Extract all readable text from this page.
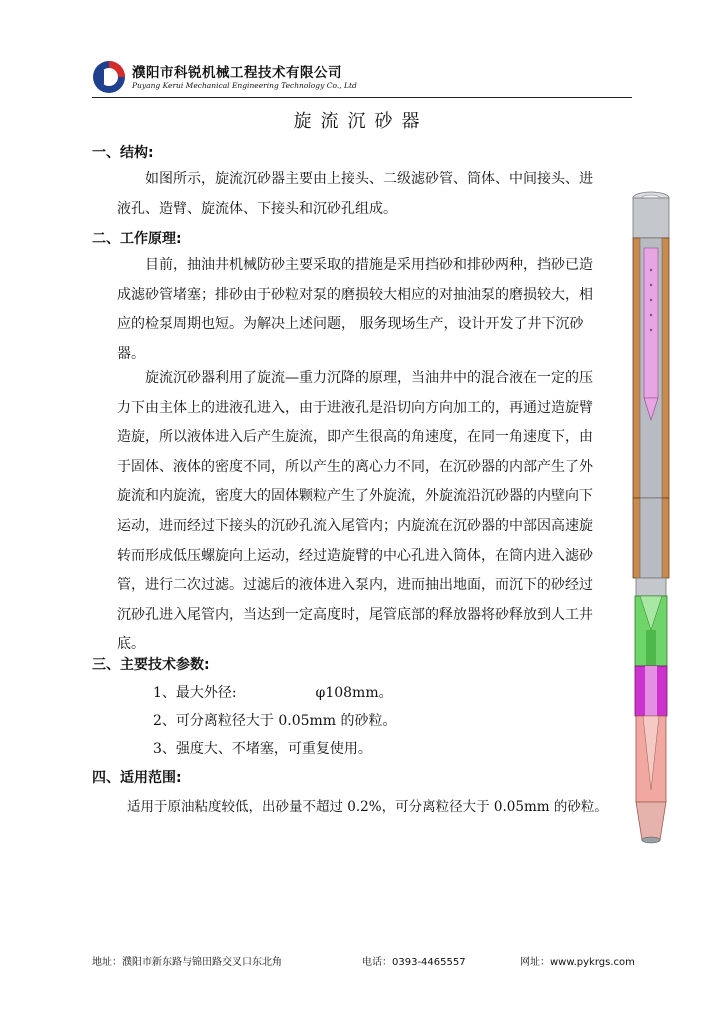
濮阳市科锐机械工程技术有限公司
Puyang Kerui Mechanical Engineering Technology Co., Ltd
旋流沉砂器
一、结构:
如图所示，旋流沉砂器主要由上接头、二级滤砂管、筒体、中间接头、进
液孔、造臂、旋流体、下接头和沉砂孔组成。
二、工作原理:
目前，抽油井机械防砂主要采取的措施是采用挡砂和排砂两种，挡砂已造
成滤砂管堵塞；排砂由于砂粒对泵的磨损较大相应的对抽油泵的磨损较大，相
应的检泵周期也短。为解决上述问题， 服务现场生产，设计开发了井下沉砂
器。
旋流沉砂器利用了旋流—重力沉降的原理，当油井中的混合液在一定的压
力下由主体上的进液孔进入，由于进液孔是沿切向方向加工的，再通过造旋臂
造旋，所以液体进入后产生旋流，即产生很高的角速度，在同一角速度下，由
于固体、液体的密度不同，所以产生的离心力不同，在沉砂器的内部产生了外
旋流和内旋流，密度大的固体颗粒产生了外旋流，外旋流沿沉砂器的内壁向下
运动，进而经过下接头的沉砂孔流入尾管内；内旋流在沉砂器的中部因高速旋
转而形成低压螺旋向上运动，经过造旋臂的中心孔进入筒体，在筒内进入滤砂
管，进行二次过滤。过滤后的液体进入泵内，进而抽出地面，而沉下的砂经过
沉砂孔进入尾管内，当达到一定高度时，尾管底部的释放器将砂释放到人工井
底。
三、主要技术参数:
1、最大外径:	φ108mm。
2、可分离粒径大于 0.05mm 的砂粒。
3、强度大、不堵塞，可重复使用。
四、适用范围:
适用于原油粘度较低，出砂量不超过 0.2%，可分离粒径大于 0.05mm 的砂粒。
地址：濮阳市新东路与锦田路交叉口东北角	电话：0393-4465557	网址：www.pykrgs.com
